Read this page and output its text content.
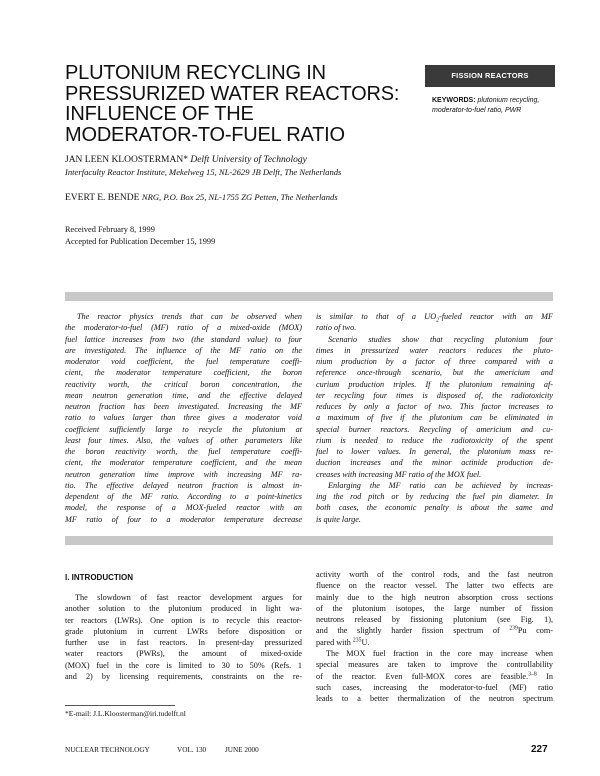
PLUTONIUM RECYCLING IN
PRESSURIZED WATER REACTORS:
INFLUENCE OF THE
MODERATOR-TO-FUEL RATIO
FISSION REACTORS
KEYWORDS: plutonium recycling,
moderator-to-fuel ratio, PWR
JAN LEEN KLOOSTERMAN* Delft University of Technology
Interfaculty Reactor Institute, Mekelweg 15, NL-2629 JB Delft, The Netherlands
EVERT E. BENDE NRG, P.O. Box 25, NL-1755 ZG Petten, The Netherlands
Received February 8, 1999
Accepted for Publication December 15, 1999

The reactor physics trends that can be observed when

the moderator-to-fuel (MF) ratio of a mixed-oxide (MOX)
fuel lattice increases from two (the standard value) to four
are investigated. The influence of the MF ratio on the
moderator void coefficient, the fuel temperature coeffi-
cient, the moderator temperature coefficient, the boron
reactivity worth, the critical boron concentration, the
mean neutron generation time, and the effective delayed
neutron fraction has been investigated. Increasing the MF
ratio to values larger than three gives a moderator void
coefficient sufficiently large to recycle the plutonium at
least four times. Also, the values of other parameters like
the boron reactivity worth, the fuel temperature coeffi-
cient, the moderator temperature coefficient, and the mean
neutron generation time improve with increasing MF ra-
tio. The effective delayed neutron fraction is almost in-
dependent of the MF ratio. According to a point-kinetics
model, the response of a MOX-fueled reactor with an
MF ratio of four to a moderator temperature decrease
is similar to that of a $UO_2$-fueled reactor with an MF
ratio of two.
Scenario studies show that recycling plutonium four
times in pressurized water reactors reduces the pluto-
nium production by a factor of three compared with a
reference once-through scenario, but the americium and
curium production triples. If the plutonium remaining af-
ter recycling four times is disposed of, the radiotoxicity
reduces by only a factor of two. This factor increases to
a maximum of five if the plutonium can be eliminated in
special burner reactors. Recycling of americium and cu-
rium is needed to reduce the radiotoxicity of the spent
fuel to lower values. In general, the plutonium mass re-
duction increases and the minor actinide production de-
creases with increasing MF ratio of the MOX fuel.
Enlarging the MF ratio can be achieved by increas-
ing the rod pitch or by reducing the fuel pin diameter. In
both cases, the economic penalty is about the same and
is quite large.
I. INTRODUCTION
The slowdown of fast reactor development argues for
another solution to the plutonium produced in light wa-
ter reactors (LWRs). One option is to recycle this reactor-
grade plutonium in current LWRs before disposition or
further use in fast reactors. In present-day pressurized
water reactors (PWRs), the amount of mixed-oxide
(MOX) fuel in the core is limited to 30 to 50% (Refs. 1
and 2) by licensing requirements, constraints on the re-
activity worth of the control rods, and the fast neutron
fluence on the reactor vessel. The latter two effects are
mainly due to the high neutron absorption cross sections
of the plutonium isotopes, the large number of fission
neutrons released by fissioning plutonium (see Fig. 1),
and the slightly harder fission spectrum of $^{239}$Pu com-
pared with $^{235}$U.
The MOX fuel fraction in the core may increase when
special measures are taken to improve the controllability
of the reactor. Even full-MOX cores are feasible.$^{3-8}$ In
such cases, increasing the moderator-to-fuel (MF) ratio
leads to a better thermalization of the neutron spectrum
*E-mail: J.L.Kloosterman@iri.tudelft.nl
NUCLEAR TECHNOLOGY	VOL. 130	JUNE 2000	227
